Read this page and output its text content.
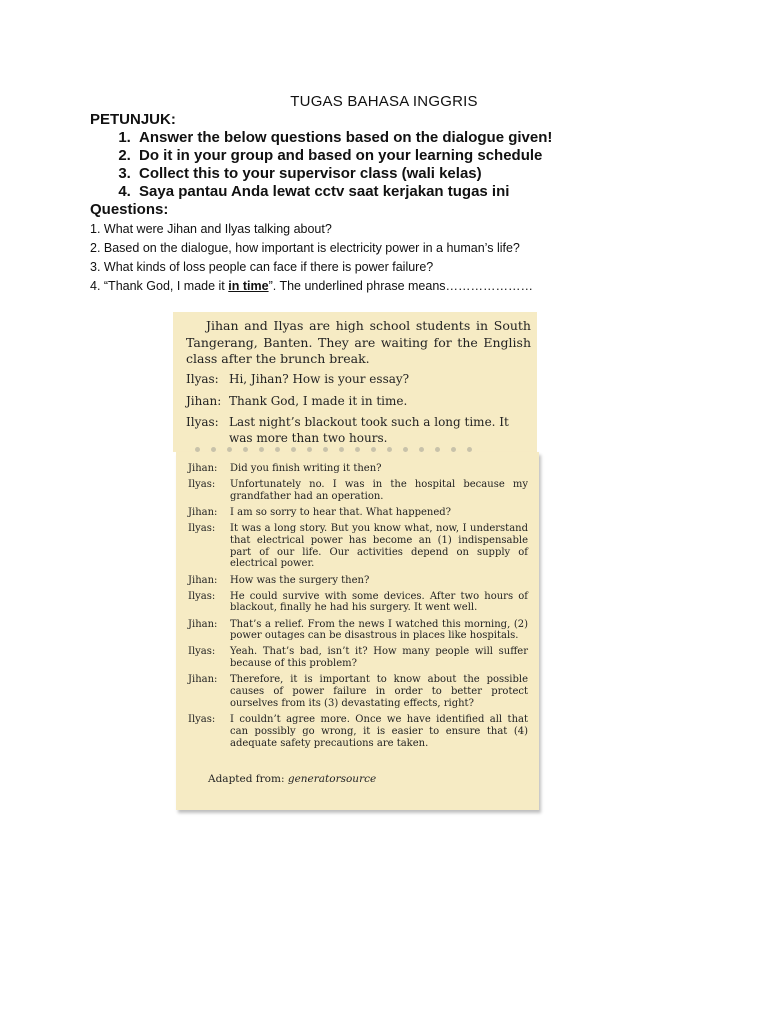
TUGAS BAHASA INGGRIS
PETUNJUK:
1. Answer the below questions based on the dialogue given!
2. Do it in your group and based on your learning schedule
3. Collect this to your supervisor class (wali kelas)
4. Saya pantau Anda lewat cctv saat kerjakan tugas ini
Questions:
1. What were Jihan and Ilyas talking about?
2. Based on the dialogue, how important is electricity power in a human’s life?
3. What kinds of loss people can face if there is power failure?
4. “Thank God, I made it in time”. The underlined phrase means…………………
Jihan and Ilyas are high school students in South Tangerang, Banten. They are waiting for the English class after the brunch break.
Ilyas: Hi, Jihan? How is your essay?
Jihan: Thank God, I made it in time.
Ilyas: Last night’s blackout took such a long time. It was more than two hours.
Jihan:	Did you finish writing it then?
Ilyas:	Unfortunately no. I was in the hospital because my grandfather had an operation.
Jihan:	I am so sorry to hear that. What happened?
Ilyas:	It was a long story. But you know what, now, I understand that electrical power has become an (1) indispensable part of our life. Our activities depend on supply of electrical power.
Jihan:	How was the surgery then?
Ilyas:	He could survive with some devices. After two hours of blackout, finally he had his surgery. It went well.
Jihan:	That’s a relief. From the news I watched this morning, (2) power outages can be disastrous in places like hospitals.
Ilyas:	Yeah. That’s bad, isn’t it? How many people will suffer because of this problem?
Jihan:	Therefore, it is important to know about the possible causes of power failure in order to better protect ourselves from its (3) devastating effects, right?
Ilyas:	I couldn’t agree more. Once we have identified all that can possibly go wrong, it is easier to ensure that (4) adequate safety precautions are taken.
Adapted from: generatorsource
